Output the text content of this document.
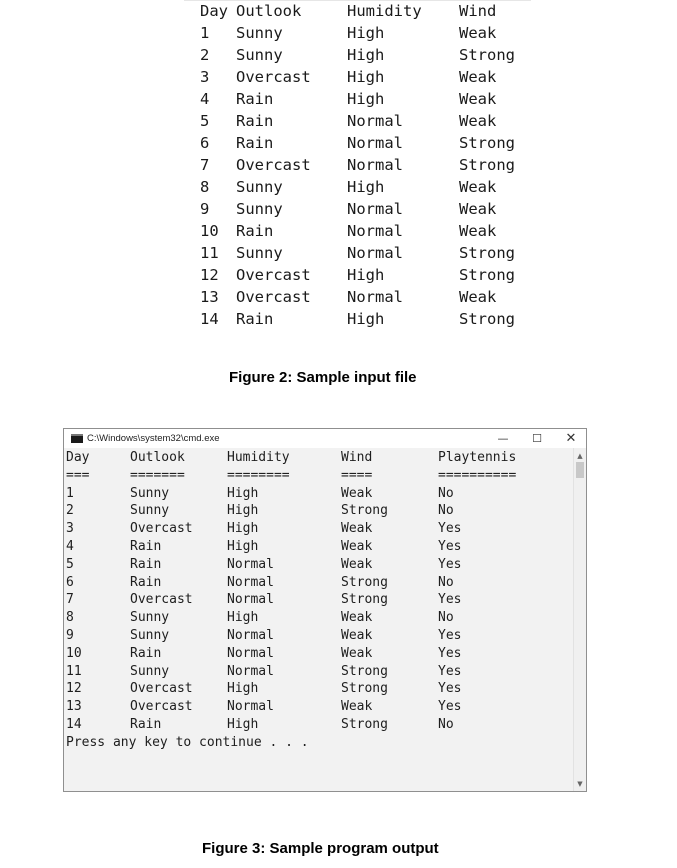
Day	Outlook	Humidity	Wind
1	Sunny	High	Weak
2	Sunny	High	Strong
3	Overcast	High	Weak
4	Rain	High	Weak
5	Rain	Normal	Weak
6	Rain	Normal	Strong
7	Overcast	Normal	Strong
8	Sunny	High	Weak
9	Sunny	Normal	Weak
10	Rain	Normal	Weak
11	Sunny	Normal	Strong
12	Overcast	High	Strong
13	Overcast	Normal	Weak
14	Rain	High	Strong
Figure 2: Sample input file
C:\Windows\system32\cmd.exe	—	☐	✕
Day	Outlook	Humidity	Wind	Playtennis
===	=======	========	====	==========
1	Sunny	High	Weak	No
2	Sunny	High	Strong	No
3	Overcast	High	Weak	Yes
4	Rain	High	Weak	Yes
5	Rain	Normal	Weak	Yes
6	Rain	Normal	Strong	No
7	Overcast	Normal	Strong	Yes
8	Sunny	High	Weak	No
9	Sunny	Normal	Weak	Yes
10	Rain	Normal	Weak	Yes
11	Sunny	Normal	Strong	Yes
12	Overcast	High	Strong	Yes
13	Overcast	Normal	Weak	Yes
14	Rain	High	Strong	No
Press any key to continue . . .
▲
▼
Figure 3: Sample program output
